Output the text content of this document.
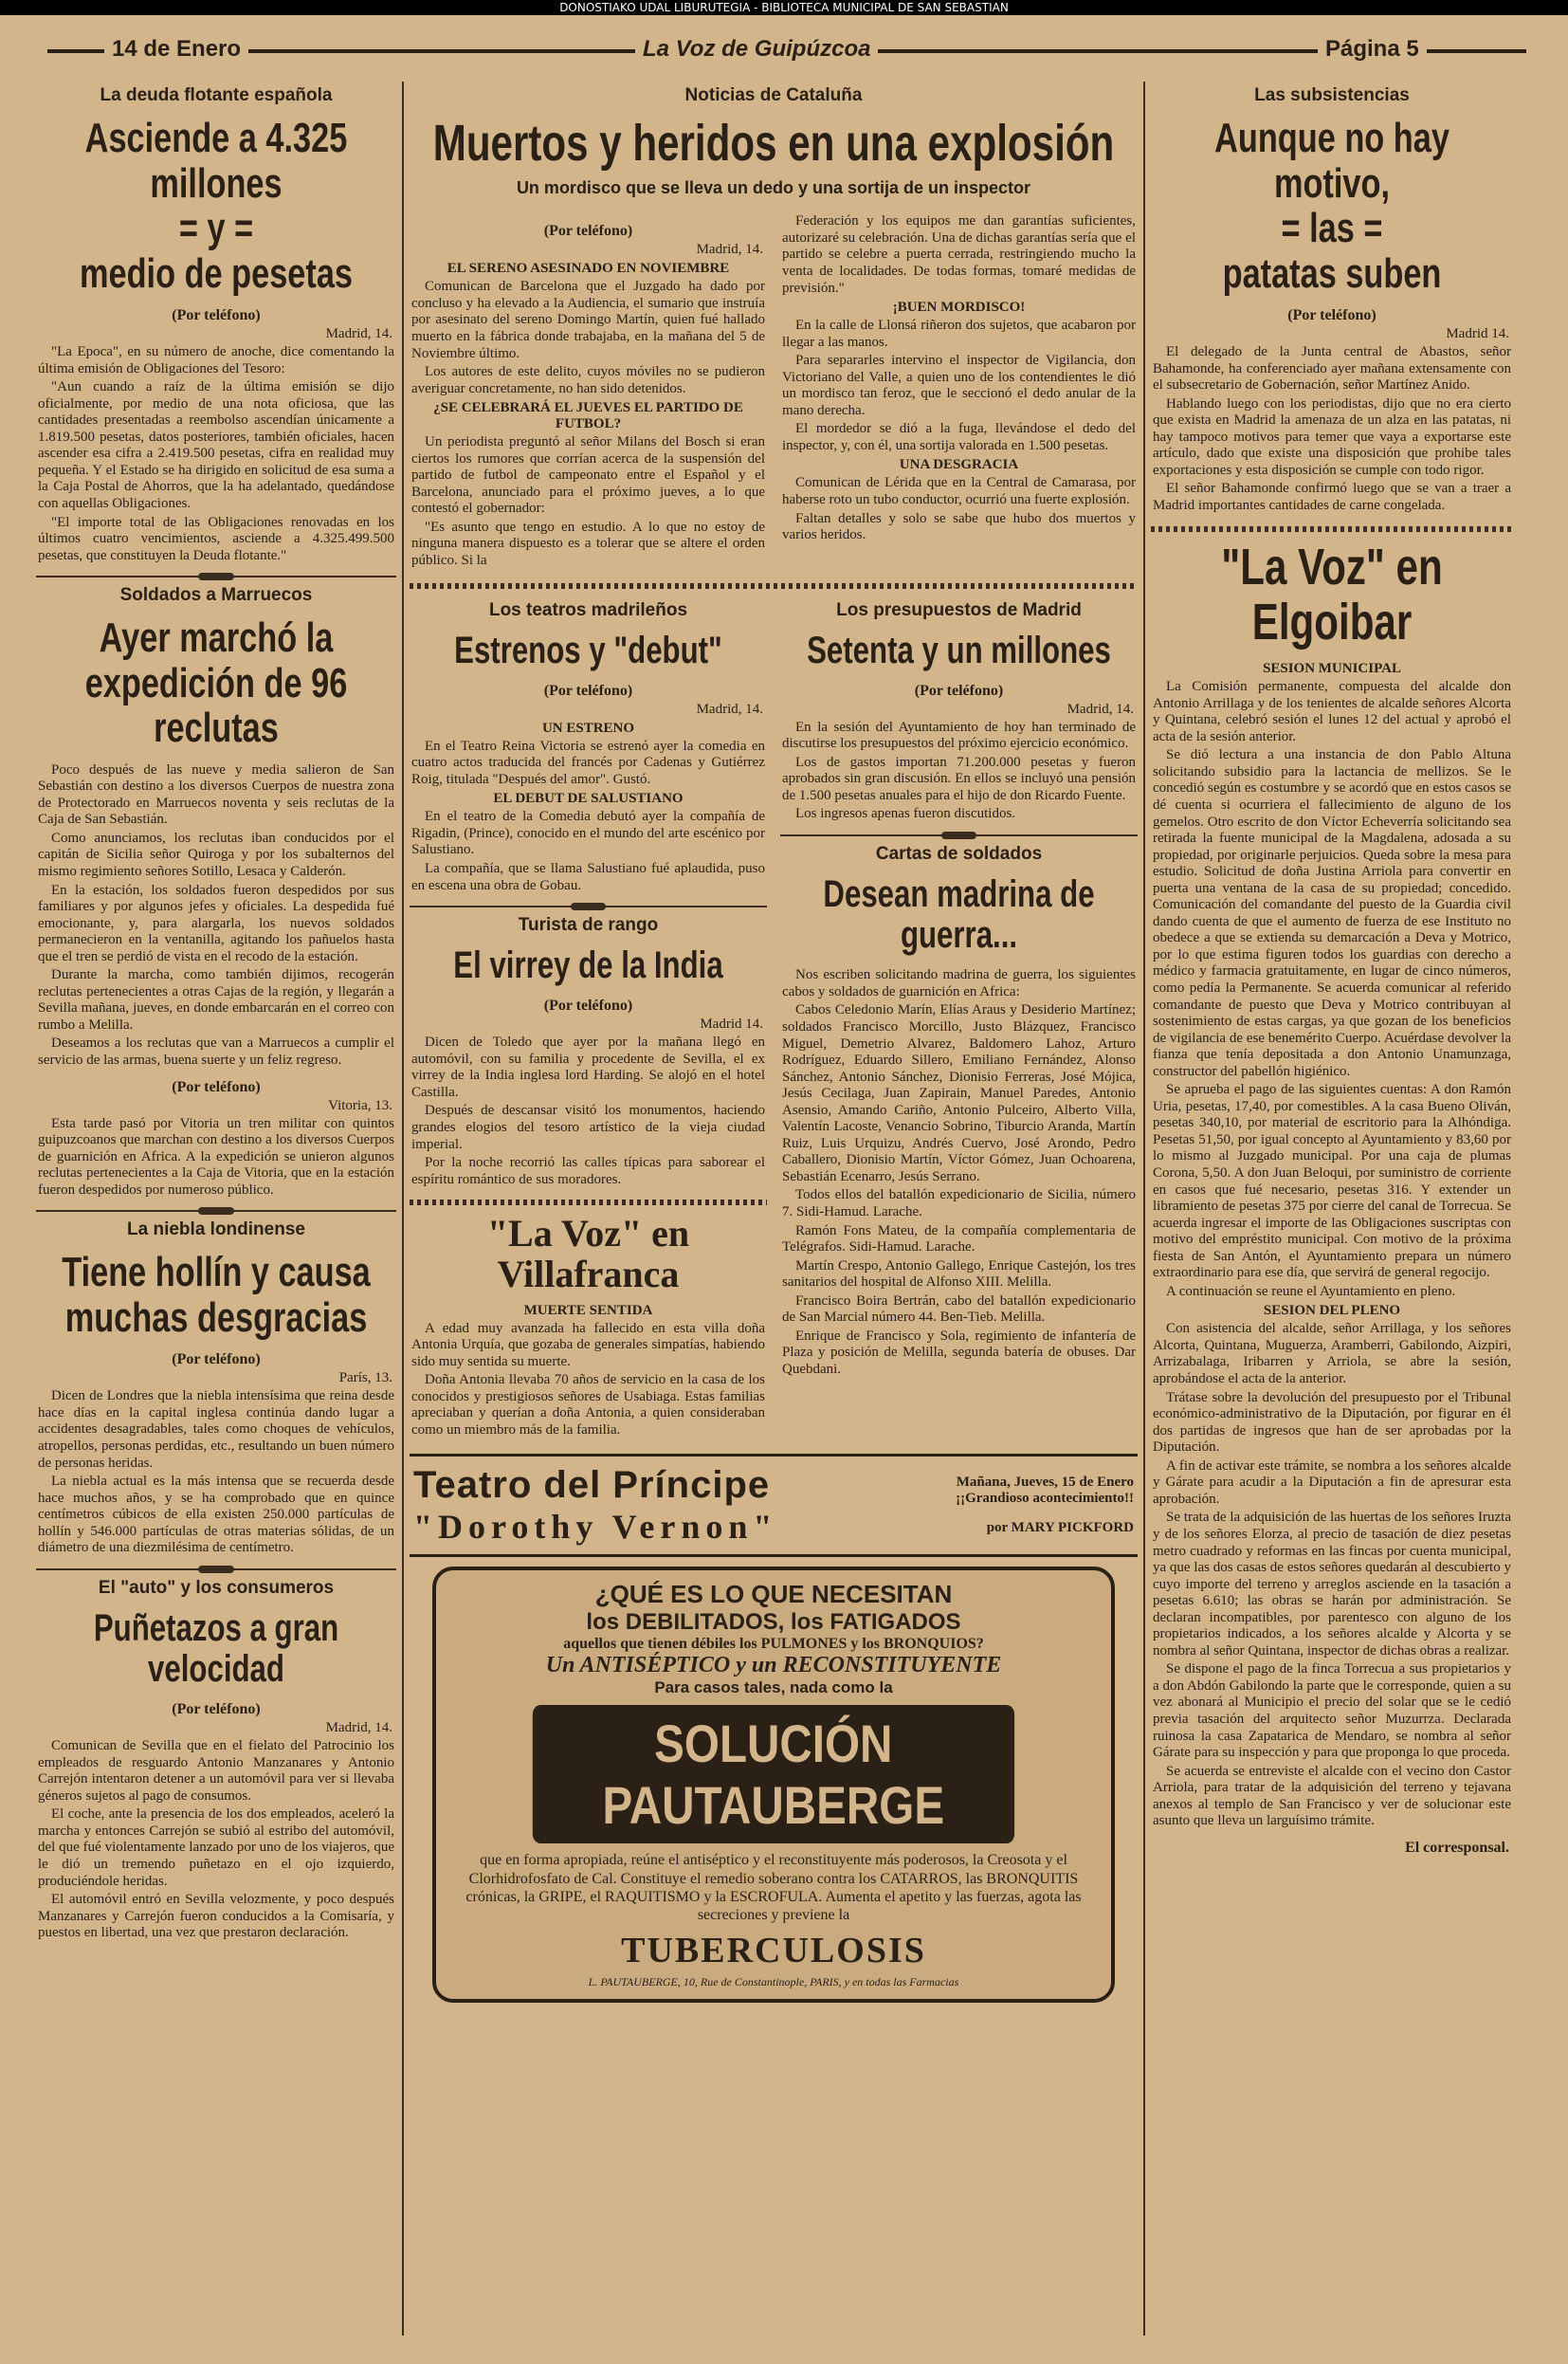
DONOSTIAKO UDAL LIBURUTEGIA - BIBLIOTECA MUNICIPAL DE SAN SEBASTIAN
14 de Enero	La Voz de Guipúzcoa	Página 5
La deuda flotante española
Asciende a 4.325 millones
= y =
medio de pesetas
(Por teléfono)
Madrid, 14.

"La Epoca", en su número de anoche, dice comentando la última emisión de Obligaciones del Tesoro:

"Aun cuando a raíz de la última emisión se dijo oficialmente, por medio de una nota oficiosa, que las cantidades presentadas a reembolso ascendían únicamente a 1.819.500 pesetas, datos posteriores, también oficiales, hacen ascender esa cifra a 2.419.500 pesetas, cifra en realidad muy pequeña. Y el Estado se ha dirigido en solicitud de esa suma a la Caja Postal de Ahorros, que la ha adelantado, quedándose con aquellas Obligaciones.

"El importe total de las Obligaciones renovadas en los últimos cuatro vencimientos, asciende a 4.325.499.500 pesetas, que constituyen la Deuda flotante."

Soldados a Marruecos
Ayer marchó la expedición de 96 reclutas

Poco después de las nueve y media salieron de San Sebastián con destino a los diversos Cuerpos de nuestra zona de Protectorado en Marruecos noventa y seis reclutas de la Caja de San Sebastián.

Como anunciamos, los reclutas iban conducidos por el capitán de Sicilia señor Quiroga y por los subalternos del mismo regimiento señores Sotillo, Lesaca y Calderón.

En la estación, los soldados fueron despedidos por sus familiares y por algunos jefes y oficiales. La despedida fué emocionante, y, para alargarla, los nuevos soldados permanecieron en la ventanilla, agitando los pañuelos hasta que el tren se perdió de vista en el recodo de la estación.

Durante la marcha, como también dijimos, recogerán reclutas pertenecientes a otras Cajas de la región, y llegarán a Sevilla mañana, jueves, en donde embarcarán en el correo con rumbo a Melilla.

Deseamos a los reclutas que van a Marruecos a cumplir el servicio de las armas, buena suerte y un feliz regreso.

(Por teléfono)
Vitoria, 13.

Esta tarde pasó por Vitoria un tren militar con quintos guipuzcoanos que marchan con destino a los diversos Cuerpos de guarnición en Africa. A la expedición se unieron algunos reclutas pertenecientes a la Caja de Vitoria, que en la estación fueron despedidos por numeroso público.

La niebla londinense
Tiene hollín y causa muchas desgracias
(Por teléfono)
París, 13.

Dicen de Londres que la niebla intensísima que reina desde hace días en la capital inglesa continúa dando lugar a accidentes desagradables, tales como choques de vehículos, atropellos, personas perdidas, etc., resultando un buen número de personas heridas.

La niebla actual es la más intensa que se recuerda desde hace muchos años, y se ha comprobado que en quince centímetros cúbicos de ella existen 250.000 partículas de hollín y 546.000 partículas de otras materias sólidas, de un diámetro de una diezmilésima de centímetro.

El "auto" y los consumeros
Puñetazos a gran velocidad
(Por teléfono)
Madrid, 14.

Comunican de Sevilla que en el fielato del Patrocinio los empleados de resguardo Antonio Manzanares y Antonio Carrejón intentaron detener a un automóvil para ver si llevaba géneros sujetos al pago de consumos.

El coche, ante la presencia de los dos empleados, aceleró la marcha y entonces Carrejón se subió al estribo del automóvil, del que fué violentamente lanzado por uno de los viajeros, que le dió un tremendo puñetazo en el ojo izquierdo, produciéndole heridas.

El automóvil entró en Sevilla velozmente, y poco después Manzanares y Carrejón fueron conducidos a la Comisaría, y puestos en libertad, una vez que prestaron declaración.

Noticias de Cataluña
Muertos y heridos en una explosión
Un mordisco que se lleva un dedo y una sortija de un inspector
(Por teléfono)
Madrid, 14.
EL SERENO ASESINADO EN NOVIEMBRE

Comunican de Barcelona que el Juzgado ha dado por concluso y ha elevado a la Audiencia, el sumario que instruía por asesinato del sereno Domingo Martín, quien fué hallado muerto en la fábrica donde trabajaba, en la mañana del 5 de Noviembre último.

Los autores de este delito, cuyos móviles no se pudieron averiguar concretamente, no han sido detenidos.

¿SE CELEBRARÁ EL JUEVES EL PARTIDO DE FUTBOL?

Un periodista preguntó al señor Milans del Bosch si eran ciertos los rumores que corrían acerca de la suspensión del partido de futbol de campeonato entre el Español y el Barcelona, anunciado para el próximo jueves, a lo que contestó el gobernador:

"Es asunto que tengo en estudio. A lo que no estoy de ninguna manera dispuesto es a tolerar que se altere el orden público. Si la

Federación y los equipos me dan garantías suficientes, autorizaré su celebración. Una de dichas garantías sería que el partido se celebre a puerta cerrada, restringiendo mucho la venta de localidades. De todas formas, tomaré medidas de previsión."

¡BUEN MORDISCO!

En la calle de Llonsá riñeron dos sujetos, que acabaron por llegar a las manos.

Para separarles intervino el inspector de Vigilancia, don Victoriano del Valle, a quien uno de los contendientes le dió un mordisco tan feroz, que le seccionó el dedo anular de la mano derecha.

El mordedor se dió a la fuga, llevándose el dedo del inspector, y, con él, una sortija valorada en 1.500 pesetas.

UNA DESGRACIA

Comunican de Lérida que en la Central de Camarasa, por haberse roto un tubo conductor, ocurrió una fuerte explosión.

Faltan detalles y solo se sabe que hubo dos muertos y varios heridos.

Los teatros madrileños
Estrenos y "debut"
(Por teléfono)
Madrid, 14.
UN ESTRENO

En el Teatro Reina Victoria se estrenó ayer la comedia en cuatro actos traducida del francés por Cadenas y Gutiérrez Roig, titulada "Después del amor". Gustó.

EL DEBUT DE SALUSTIANO

En el teatro de la Comedia debutó ayer la compañía de Rigadin, (Prince), conocido en el mundo del arte escénico por Salustiano.

La compañía, que se llama Salustiano fué aplaudida, puso en escena una obra de Gobau.

Turista de rango
El virrey de la India
(Por teléfono)
Madrid 14.

Dicen de Toledo que ayer por la mañana llegó en automóvil, con su familia y procedente de Sevilla, el ex virrey de la India inglesa lord Harding. Se alojó en el hotel Castilla.

Después de descansar visitó los monumentos, haciendo grandes elogios del tesoro artístico de la vieja ciudad imperial.

Por la noche recorrió las calles típicas para saborear el espíritu romántico de sus moradores.

"La Voz" en
Villafranca
MUERTE SENTIDA

A edad muy avanzada ha fallecido en esta villa doña Antonia Urquía, que gozaba de generales simpatías, habiendo sido muy sentida su muerte.

Doña Antonia llevaba 70 años de servicio en la casa de los conocidos y prestigiosos señores de Usabiaga. Estas familias apreciaban y querían a doña Antonia, a quien consideraban como un miembro más de la familia.

Los presupuestos de Madrid
Setenta y un millones
(Por teléfono)
Madrid, 14.

En la sesión del Ayuntamiento de hoy han terminado de discutirse los presupuestos del próximo ejercicio económico.

Los de gastos importan 71.200.000 pesetas y fueron aprobados sin gran discusión. En ellos se incluyó una pensión de 1.500 pesetas anuales para el hijo de don Ricardo Fuente.

Los ingresos apenas fueron discutidos.

Cartas de soldados
Desean madrina de guerra...

Nos escriben solicitando madrina de guerra, los siguientes cabos y soldados de guarnición en Africa:

Cabos Celedonio Marín, Elías Araus y Desiderio Martínez; soldados Francisco Morcillo, Justo Blázquez, Francisco Miguel, Demetrio Alvarez, Baldomero Lahoz, Arturo Rodríguez, Eduardo Sillero, Emiliano Fernández, Alonso Sánchez, Antonio Sánchez, Dionisio Ferreras, José Mójica, Jesús Cecilaga, Juan Zapirain, Manuel Paredes, Antonio Asensio, Amando Cariño, Antonio Pulceiro, Alberto Villa, Valentín Lacoste, Venancio Sobrino, Tiburcio Aranda, Martín Ruiz, Luis Urquizu, Andrés Cuervo, José Arondo, Pedro Caballero, Dionisio Martín, Víctor Gómez, Juan Ochoarena, Sebastián Ecenarro, Jesús Serrano.

Todos ellos del batallón expedicionario de Sicilia, número 7. Sidi-Hamud. Larache.

Ramón Fons Mateu, de la compañía complementaria de Telégrafos. Sidi-Hamud. Larache.

Martín Crespo, Antonio Gallego, Enrique Castejón, los tres sanitarios del hospital de Alfonso XIII. Melilla.

Francisco Boira Bertrán, cabo del batallón expedicionario de San Marcial número 44. Ben-Tieb. Melilla.

Enrique de Francisco y Sola, regimiento de infantería de Plaza y posición de Melilla, segunda batería de obuses. Dar Quebdani.

Teatro del Príncipe
"Dorothy Vernon"
Mañana, Jueves, 15 de Enero
¡¡Grandioso acontecimiento!!
por MARY PICKFORD
¿QUÉ ES LO QUE NECESITAN
los DEBILITADOS, los FATIGADOS
aquellos que tienen débiles los PULMONES y los BRONQUIOS?
Un ANTISÉPTICO y un RECONSTITUYENTE
Para casos tales, nada como la
SOLUCIÓN PAUTAUBERGE
que en forma apropiada, reúne el antiséptico y el reconstituyente más poderosos, la Creosota y el Clorhidrofosfato de Cal. Constituye el remedio soberano contra los CATARROS, las BRONQUITIS crónicas, la GRIPE, el RAQUITISMO y la ESCROFULA. Aumenta el apetito y las fuerzas, agota las secreciones y previene la
TUBERCULOSIS
L. PAUTAUBERGE, 10, Rue de Constantinople, PARIS, y en todas las Farmacias
Las subsistencias
Aunque no hay motivo,
= las =
patatas suben
(Por teléfono)
Madrid 14.

El delegado de la Junta central de Abastos, señor Bahamonde, ha conferenciado ayer mañana extensamente con el subsecretario de Gobernación, señor Martínez Anido.

Hablando luego con los periodistas, dijo que no era cierto que exista en Madrid la amenaza de un alza en las patatas, ni hay tampoco motivos para temer que vaya a exportarse este artículo, dado que existe una disposición que prohibe tales exportaciones y esta disposición se cumple con todo rigor.

El señor Bahamonde confirmó luego que se van a traer a Madrid importantes cantidades de carne congelada.

"La Voz" en Elgoibar
SESION MUNICIPAL

La Comisión permanente, compuesta del alcalde don Antonio Arrillaga y de los tenientes de alcalde señores Alcorta y Quintana, celebró sesión el lunes 12 del actual y aprobó el acta de la sesión anterior.

Se dió lectura a una instancia de don Pablo Altuna solicitando subsidio para la lactancia de mellizos. Se le concedió según es costumbre y se acordó que en estos casos se dé cuenta si ocurriera el fallecimiento de alguno de los gemelos. Otro escrito de don Víctor Echeverría solicitando sea retirada la fuente municipal de la Magdalena, adosada a su propiedad, por originarle perjuicios. Queda sobre la mesa para estudio. Solicitud de doña Justina Arriola para convertir en puerta una ventana de la casa de su propiedad; concedido. Comunicación del comandante del puesto de la Guardia civil dando cuenta de que el aumento de fuerza de ese Instituto no obedece a que se extienda su demarcación a Deva y Motrico, por lo que estima figuren todos los guardias con derecho a médico y farmacia gratuitamente, en lugar de cinco números, como pedía la Permanente. Se acuerda comunicar al referido comandante de puesto que Deva y Motrico contribuyan al sostenimiento de estas cargas, ya que gozan de los beneficios de vigilancia de ese benemérito Cuerpo. Acuérdase devolver la fianza que tenía depositada a don Antonio Unamunzaga, constructor del pabellón higiénico.

Se aprueba el pago de las siguientes cuentas: A don Ramón Uria, pesetas, 17,40, por comestibles. A la casa Bueno Oliván, pesetas 340,10, por material de escritorio para la Alhóndiga. Pesetas 51,50, por igual concepto al Ayuntamiento y 83,60 por lo mismo al Juzgado municipal. Por una caja de plumas Corona, 5,50. A don Juan Beloqui, por suministro de corriente en casos que fué necesario, pesetas 316. Y extender un libramiento de pesetas 375 por cierre del canal de Torrecua. Se acuerda ingresar el importe de las Obligaciones suscriptas con motivo del empréstito municipal. Con motivo de la próxima fiesta de San Antón, el Ayuntamiento prepara un número extraordinario para ese día, que servirá de general regocijo.

A continuación se reune el Ayuntamiento en pleno.

SESION DEL PLENO

Con asistencia del alcalde, señor Arrillaga, y los señores Alcorta, Quintana, Muguerza, Aramberri, Gabilondo, Aizpiri, Arrizabalaga, Iribarren y Arriola, se abre la sesión, aprobándose el acta de la anterior.

Trátase sobre la devolución del presupuesto por el Tribunal económico-administrativo de la Diputación, por figurar en él dos partidas de ingresos que han de ser aprobadas por la Diputación.

A fin de activar este trámite, se nombra a los señores alcalde y Gárate para acudir a la Diputación a fin de apresurar esta aprobación.

Se trata de la adquisición de las huertas de los señores Iruzta y de los señores Elorza, al precio de tasación de diez pesetas metro cuadrado y reformas en las fincas por cuenta municipal, ya que las dos casas de estos señores quedarán al descubierto y cuyo importe del terreno y arreglos asciende en la tasación a pesetas 6.610; las obras se harán por administración. Se declaran incompatibles, por parentesco con alguno de los propietarios indicados, a los señores alcalde y Alcorta y se nombra al señor Quintana, inspector de dichas obras a realizar.

Se dispone el pago de la finca Torrecua a sus propietarios y a don Abdón Gabilondo la parte que le corresponde, quien a su vez abonará al Municipio el precio del solar que se le cedió previa tasación del arquitecto señor Muzurrza. Declarada ruinosa la casa Zapatarica de Mendaro, se nombra al señor Gárate para su inspección y para que proponga lo que proceda.

Se acuerda se entreviste el alcalde con el vecino don Castor Arriola, para tratar de la adquisición del terreno y tejavana anexos al templo de San Francisco y ver de solucionar este asunto que lleva un larguísimo trámite.

El corresponsal.
